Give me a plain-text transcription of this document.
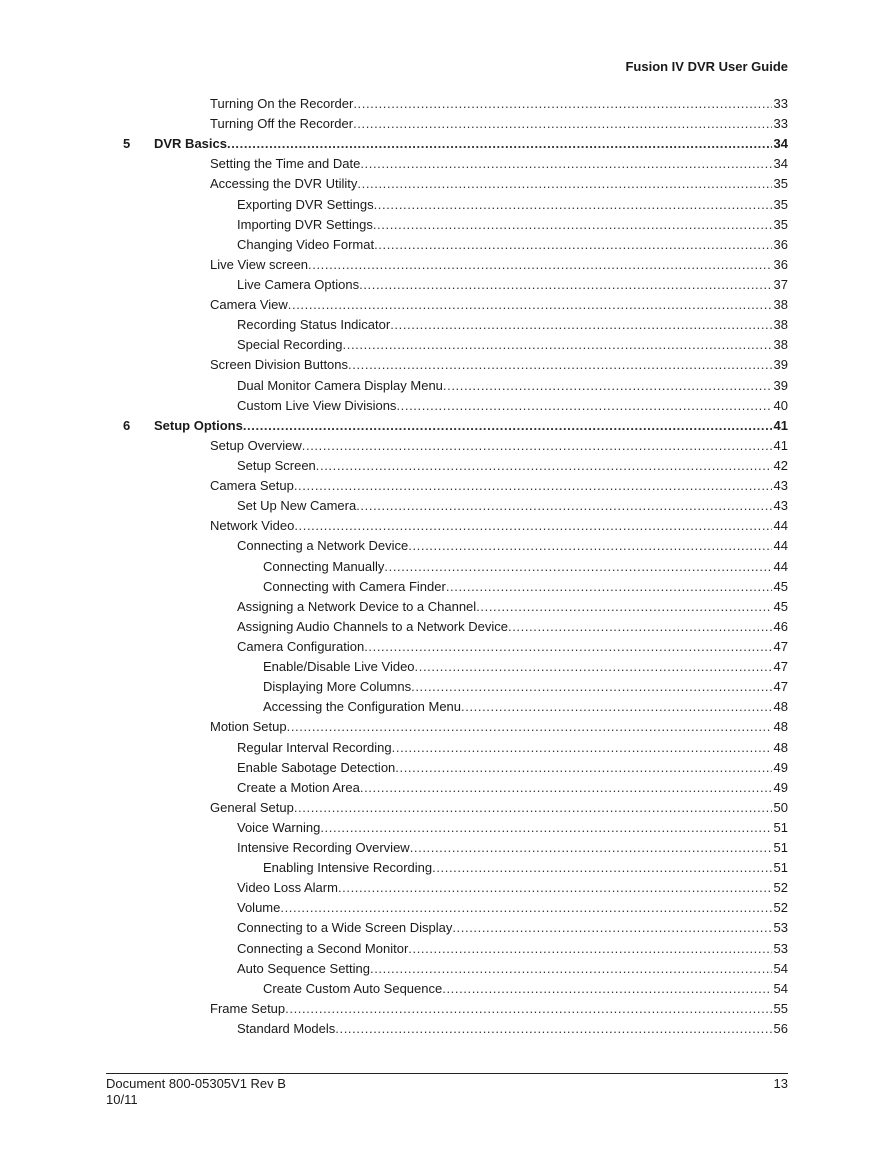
Fusion IV DVR User Guide
Turning On the Recorder .....	33
Turning Off the Recorder .....	33
5 DVR Basics .....	34
Setting the Time and Date .....	34
Accessing the DVR Utility .....	35
Exporting DVR Settings .....	35
Importing DVR Settings .....	35
Changing Video Format .....	36
Live View screen .....	36
Live Camera Options .....	37
Camera View .....	38
Recording Status Indicator .....	38
Special Recording .....	38
Screen Division Buttons .....	39
Dual Monitor Camera Display Menu .....	39
Custom Live View Divisions .....	40
6 Setup Options .....	41
Setup Overview .....	41
Setup Screen .....	42
Camera Setup .....	43
Set Up New Camera .....	43
Network Video .....	44
Connecting a Network Device .....	44
Connecting Manually .....	44
Connecting with Camera Finder .....	45
Assigning a Network Device to a Channel .....	45
Assigning Audio Channels to a Network Device .....	46
Camera Configuration .....	47
Enable/Disable Live Video .....	47
Displaying More Columns .....	47
Accessing the Configuration Menu .....	48
Motion Setup .....	48
Regular Interval Recording .....	48
Enable Sabotage Detection .....	49
Create a Motion Area .....	49
General Setup .....	50
Voice Warning .....	51
Intensive Recording Overview .....	51
Enabling Intensive Recording .....	51
Video Loss Alarm .....	52
Volume .....	52
Connecting to a Wide Screen Display .....	53
Connecting a Second Monitor .....	53
Auto Sequence Setting .....	54
Create Custom Auto Sequence .....	54
Frame Setup .....	55
Standard Models .....	56
Document 800-05305V1 Rev B
10/11
13
